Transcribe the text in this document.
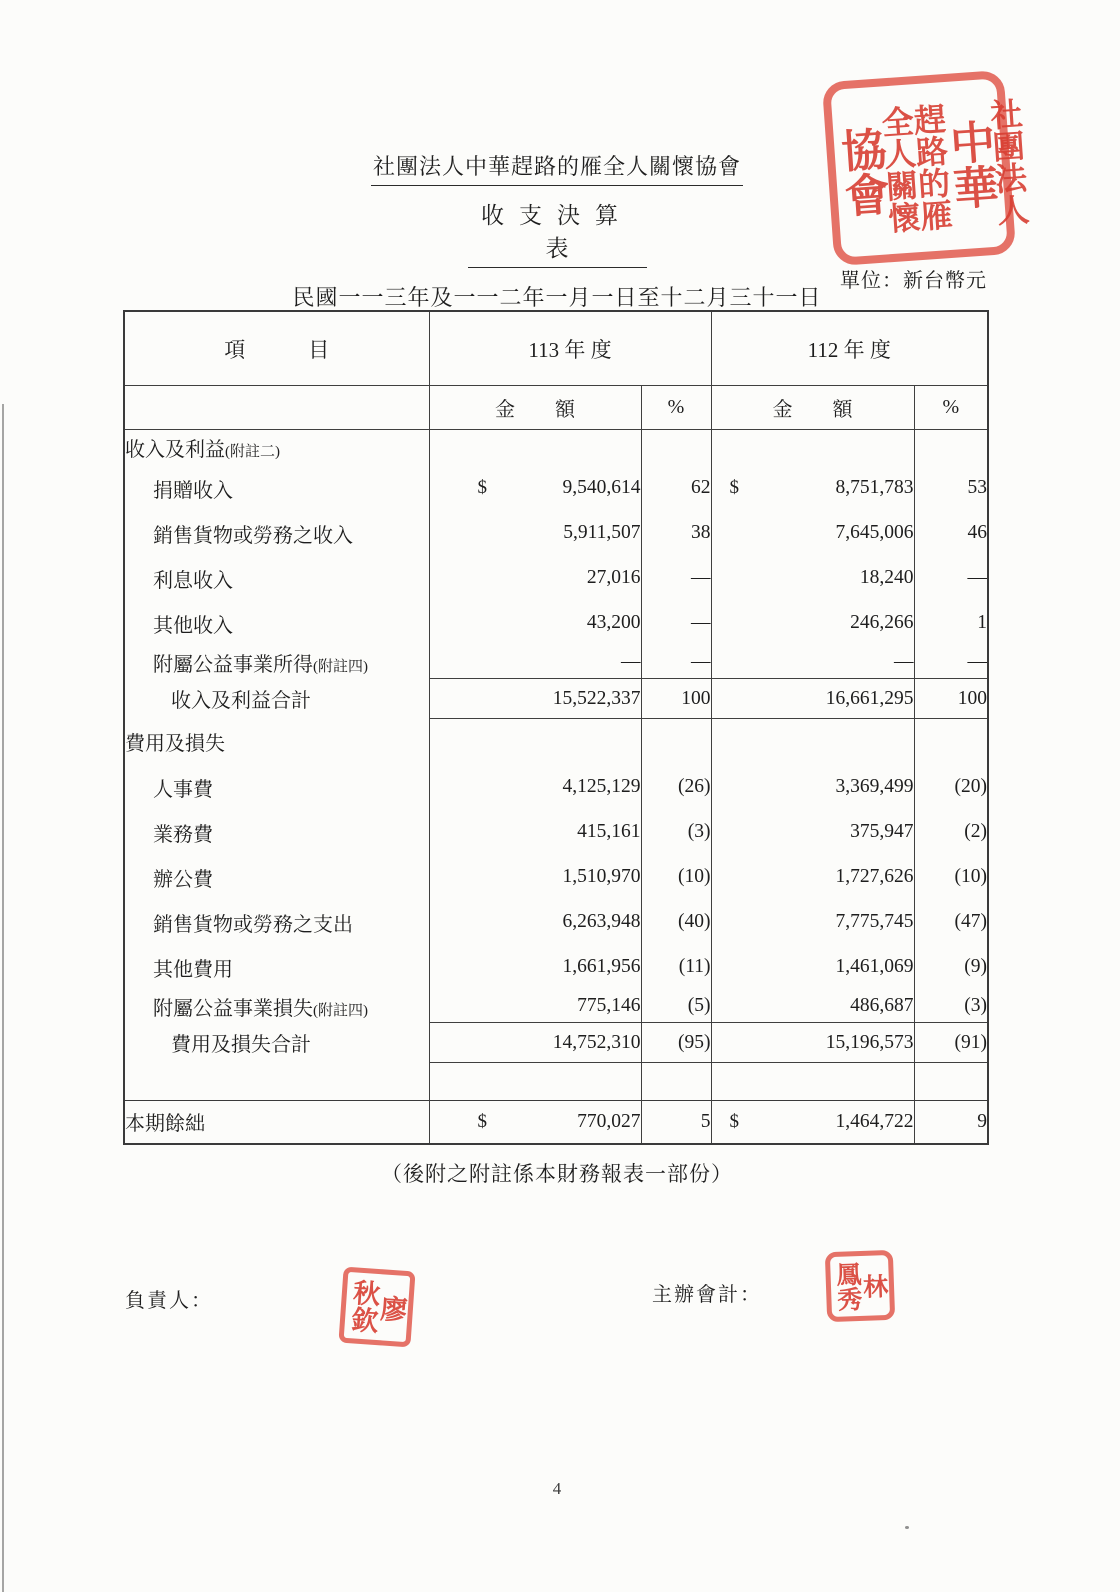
社團法人中華趕路的雁全人關懷協會
收支決算表
民國一一三年及一一二年一月一日至十二月三十一日
單位：新台幣元
社團法人
中華
趕路的雁
全人關懷
協會
項　　　目	113 年 度		112 年 度	
	金　　額	%	金　　額	%
收入及利益(附註二)				
捐贈收入	$ 9,540,614	62	$ 8,751,783	53
銷售貨物或勞務之收入	5,911,507	38	7,645,006	46
利息收入	27,016	—	18,240	—
其他收入	43,200	—	246,266	1
附屬公益事業所得(附註四)	—	—	—	—
收入及利益合計	15,522,337	100	16,661,295	100
費用及損失				
人事費	4,125,129	(26)	3,369,499	(20)
業務費	415,161	(3)	375,947	(2)
辦公費	1,510,970	(10)	1,727,626	(10)
銷售貨物或勞務之支出	6,263,948	(40)	7,775,745	(47)
其他費用	1,661,956	(11)	1,461,069	(9)
附屬公益事業損失(附註四)	775,146	(5)	486,687	(3)
費用及損失合計	14,752,310	(95)	15,196,573	(91)

本期餘絀	$ 770,027	5	$ 1,464,722	9
（後附之附註係本財務報表一部份）
負責人：	廖
秋欽	主辦會計：	林
鳳秀
4
